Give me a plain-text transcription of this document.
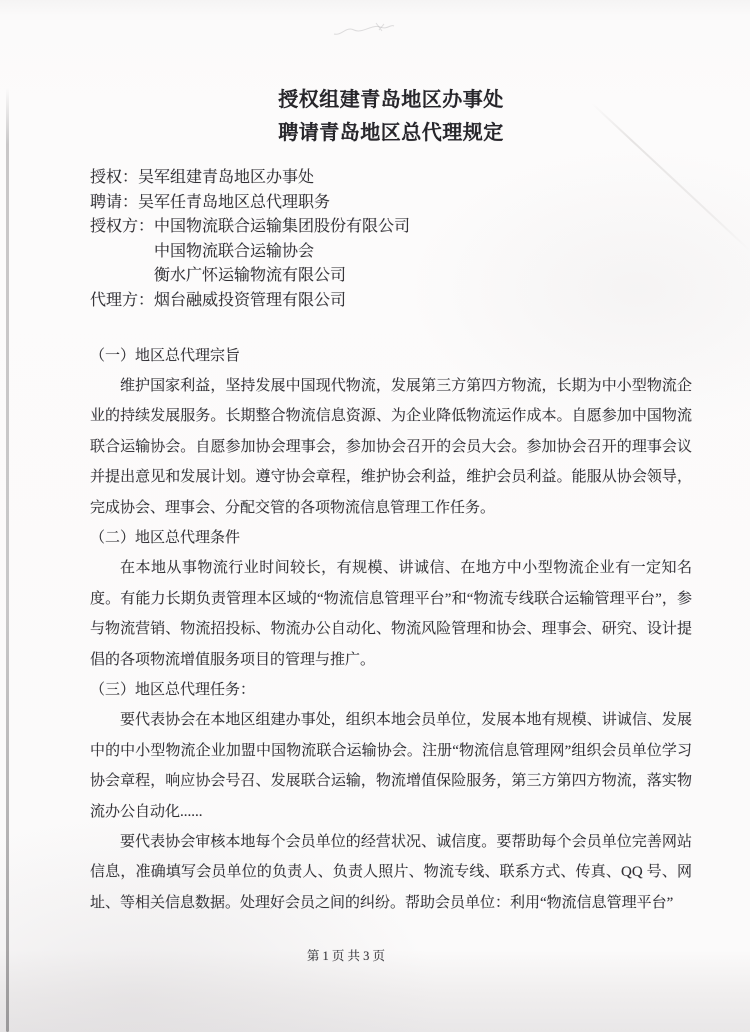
授权组建青岛地区办事处
聘请青岛地区总代理规定
授权：吴军组建青岛地区办事处
聘请：吴军任青岛地区总代理职务
授权方：中国物流联合运输集团股份有限公司
中国物流联合运输协会
衡水广怀运输物流有限公司
代理方：烟台融威投资管理有限公司
（一）地区总代理宗旨

维护国家利益，坚持发展中国现代物流，发展第三方第四方物流，长期为中小型物流企业的持续发展服务。长期整合物流信息资源、为企业降低物流运作成本。自愿参加中国物流联合运输协会。自愿参加协会理事会，参加协会召开的会员大会。参加协会召开的理事会议并提出意见和发展计划。遵守协会章程，维护协会利益，维护会员利益。能服从协会领导，完成协会、理事会、分配交管的各项物流信息管理工作任务。

（二）地区总代理条件

在本地从事物流行业时间较长，有规模、讲诚信、在地方中小型物流企业有一定知名度。有能力长期负责管理本区域的“物流信息管理平台”和“物流专线联合运输管理平台”，参与物流营销、物流招投标、物流办公自动化、物流风险管理和协会、理事会、研究、设计提倡的各项物流增值服务项目的管理与推广。

（三）地区总代理任务：

要代表协会在本地区组建办事处，组织本地会员单位，发展本地有规模、讲诚信、发展中的中小型物流企业加盟中国物流联合运输协会。注册“物流信息管理网”组织会员单位学习协会章程，响应协会号召、发展联合运输，物流增值保险服务，第三方第四方物流，落实物流办公自动化......

要代表协会审核本地每个会员单位的经营状况、诚信度。要帮助每个会员单位完善网站信息，准确填写会员单位的负责人、负责人照片、物流专线、联系方式、传真、QQ 号、网址、等相关信息数据。处理好会员之间的纠纷。帮助会员单位：利用“物流信息管理平台”

第 1 页 共 3 页
